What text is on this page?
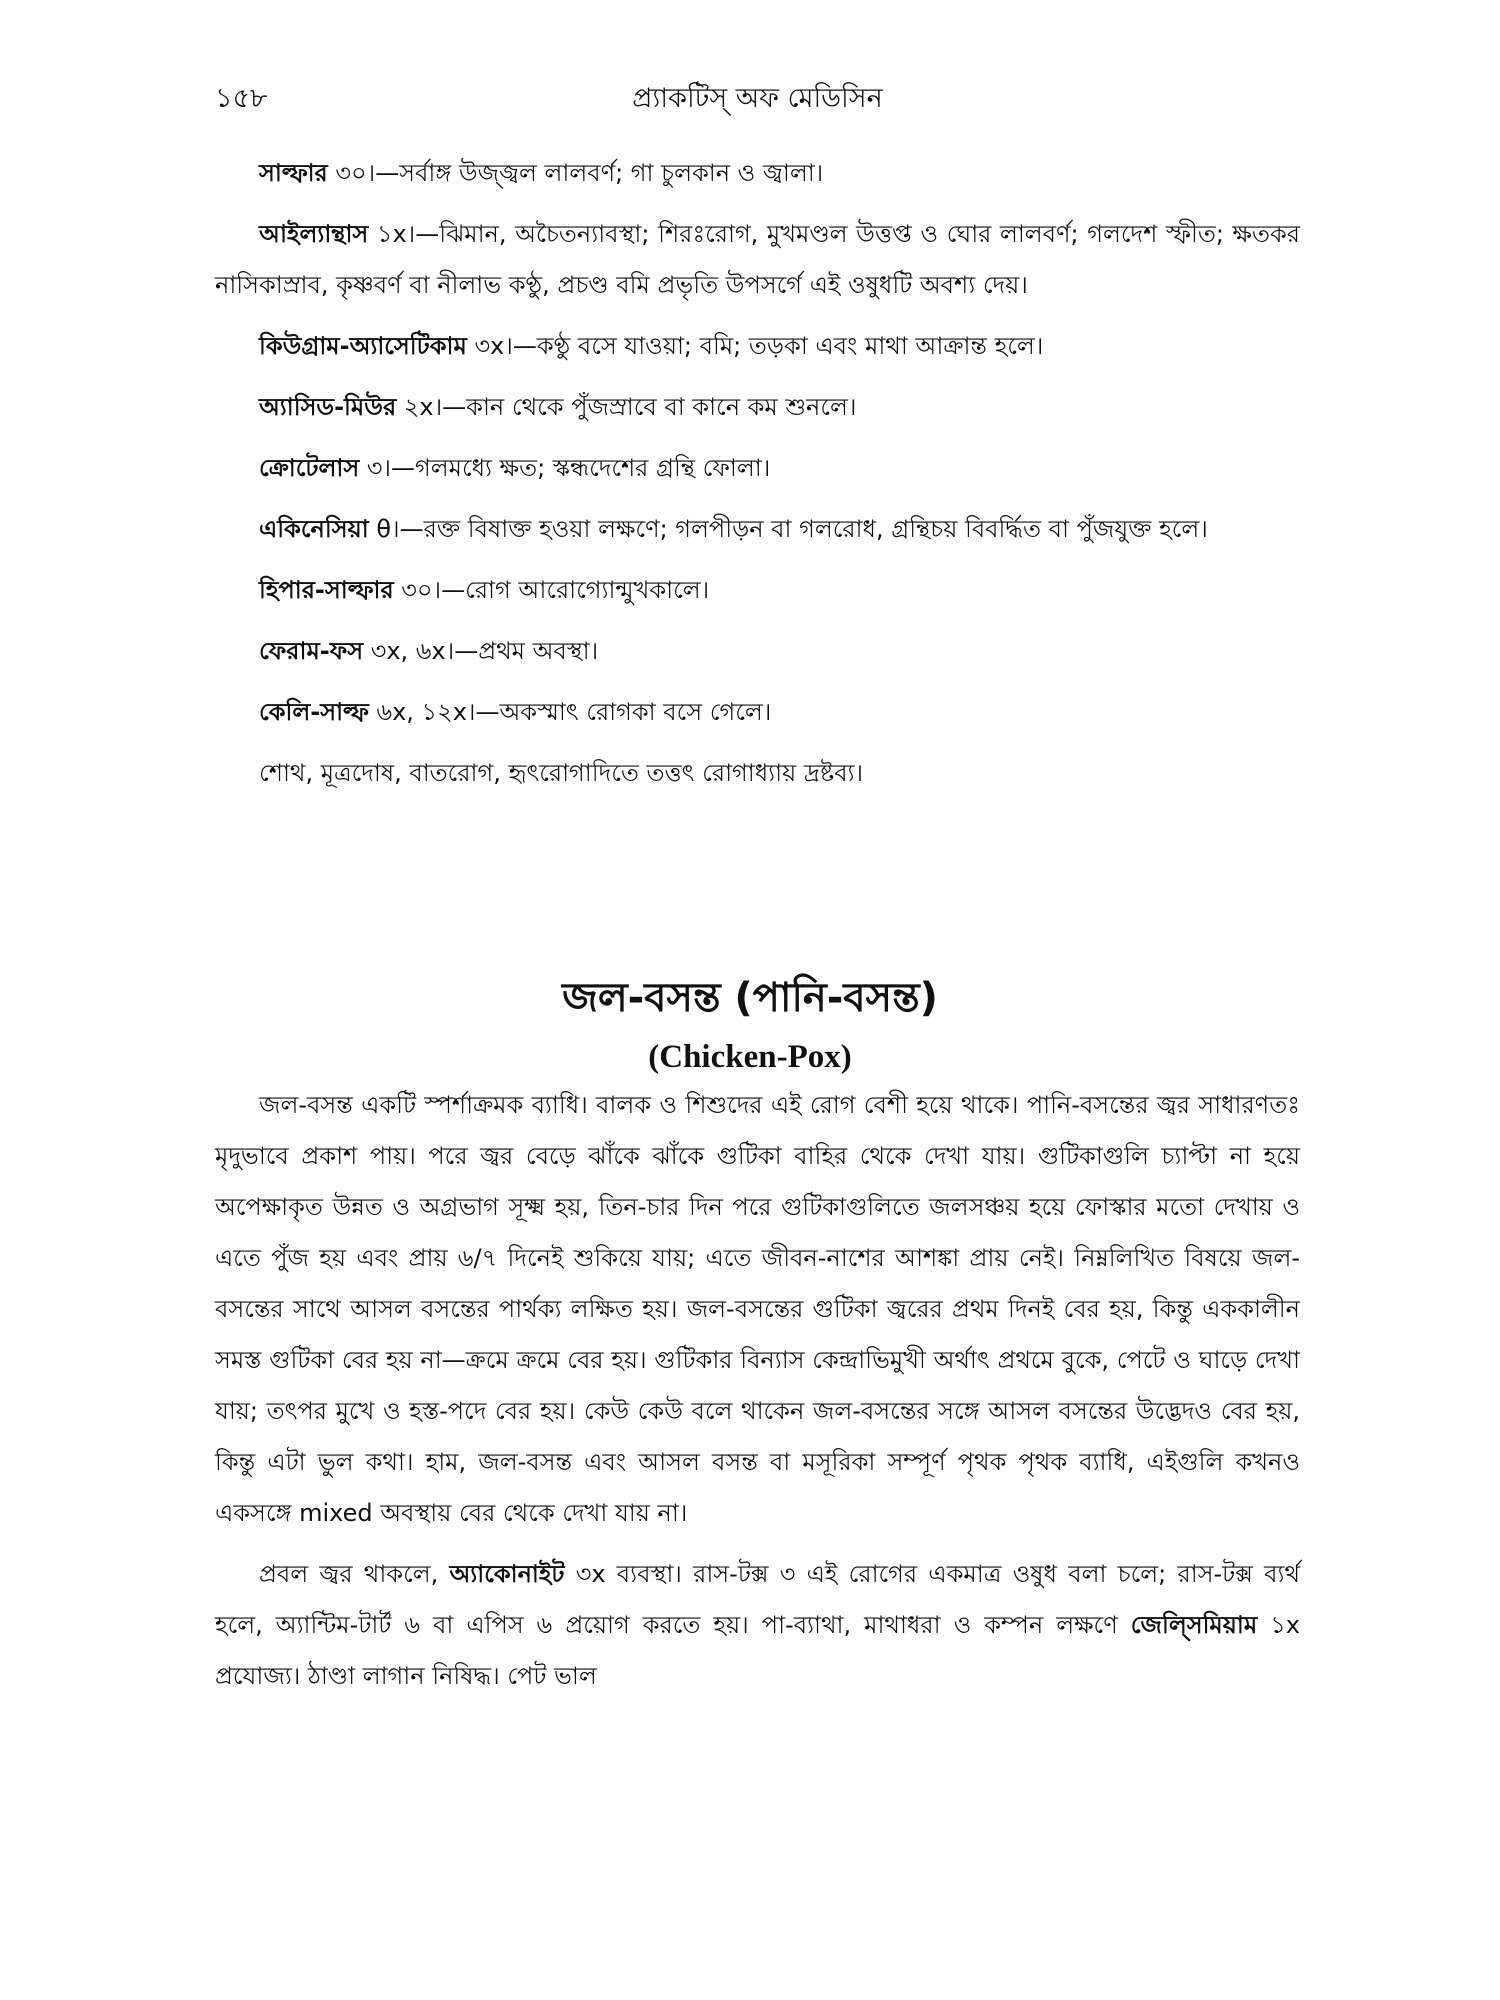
১৫৮	প্র্যাকটিস্ অফ মেডিসিন

সাল্ফার ৩০।—সর্বাঙ্গ উজ্জ্বল লালবর্ণ; গা চুলকান ও জ্বালা।

আইল্যান্থাস ১x।—ঝিমান, অচৈতন্যাবস্থা; শিরঃরোগ, মুখমণ্ডল উত্তপ্ত ও ঘোর লালবর্ণ; গলদেশ স্ফীত; ক্ষতকর নাসিকাস্রাব, কৃষ্ণবর্ণ বা নীলাভ কণ্ঠু, প্রচণ্ড বমি প্রভৃতি উপসর্গে এই ওষুধটি অবশ্য দেয়।

কিউগ্রাম-অ্যাসেটিকাম ৩x।—কণ্ঠু বসে যাওয়া; বমি; তড়কা এবং মাথা আক্রান্ত হলে।

অ্যাসিড-মিউর ২x।—কান থেকে পুঁজস্রাবে বা কানে কম শুনলে।

ক্রোটেলাস ৩।—গলমধ্যে ক্ষত; স্কন্ধদেশের গ্রন্থি ফোলা।

একিনেসিয়া θ।—রক্ত বিষাক্ত হওয়া লক্ষণে; গলপীড়ন বা গলরোধ, গ্রন্থিচয় বিবর্দ্ধিত বা পুঁজযুক্ত হলে।

হিপার-সাল্ফার ৩০।—রোগ আরোগ্যোন্মুখকালে।

ফেরাম-ফস ৩x, ৬x।—প্রথম অবস্থা।

কেলি-সাল্ফ ৬x, ১২x।—অকস্মাৎ রোগকা বসে গেলে।

শোথ, মূত্রদোষ, বাতরোগ, হৃৎরোগাদিতে তত্তৎ রোগাধ্যায় দ্রষ্টব্য।

জল-বসন্ত (পানি-বসন্ত)
(Chicken-Pox)

জল-বসন্ত একটি স্পর্শাক্রমক ব্যাধি। বালক ও শিশুদের এই রোগ বেশী হয়ে থাকে। পানি-বসন্তের জ্বর সাধারণতঃ মৃদুভাবে প্রকাশ পায়। পরে জ্বর বেড়ে ঝাঁকে ঝাঁকে গুটিকা বাহির থেকে দেখা যায়। গুটিকাগুলি চ্যাপ্টা না হয়ে অপেক্ষাকৃত উন্নত ও অগ্রভাগ সূক্ষ্ম হয়, তিন-চার দিন পরে গুটিকাগুলিতে জলসঞ্চয় হয়ে ফোস্কার মতো দেখায় ও এতে পুঁজ হয় এবং প্রায় ৬/৭ দিনেই শুকিয়ে যায়; এতে জীবন-নাশের আশঙ্কা প্রায় নেই। নিম্নলিখিত বিষয়ে জল-বসন্তের সাথে আসল বসন্তের পার্থক্য লক্ষিত হয়। জল-বসন্তের গুটিকা জ্বরের প্রথম দিনই বের হয়, কিন্তু এককালীন সমস্ত গুটিকা বের হয় না—ক্রমে ক্রমে বের হয়। গুটিকার বিন্যাস কেন্দ্রাভিমুখী অর্থাৎ প্রথমে বুকে, পেটে ও ঘাড়ে দেখা যায়; তৎপর মুখে ও হস্ত-পদে বের হয়। কেউ কেউ বলে থাকেন জল-বসন্তের সঙ্গে আসল বসন্তের উদ্ভেদও বের হয়, কিন্তু এটা ভুল কথা। হাম, জল-বসন্ত এবং আসল বসন্ত বা মসূরিকা সম্পূর্ণ পৃথক পৃথক ব্যাধি, এইগুলি কখনও একসঙ্গে mixed অবস্থায় বের থেকে দেখা যায় না।

প্রবল জ্বর থাকলে, অ্যাকোনাইট ৩x ব্যবস্থা। রাস-টক্স ৩ এই রোগের একমাত্র ওষুধ বলা চলে; রাস-টক্স ব্যর্থ হলে, অ্যান্টিম-টার্ট ৬ বা এপিস ৬ প্রয়োগ করতে হয়। পা-ব্যাথা, মাথাধরা ও কম্পন লক্ষণে জেল্সিমিয়াম ১x প্রযোজ্য। ঠাণ্ডা লাগান নিষিদ্ধ। পেট ভাল
